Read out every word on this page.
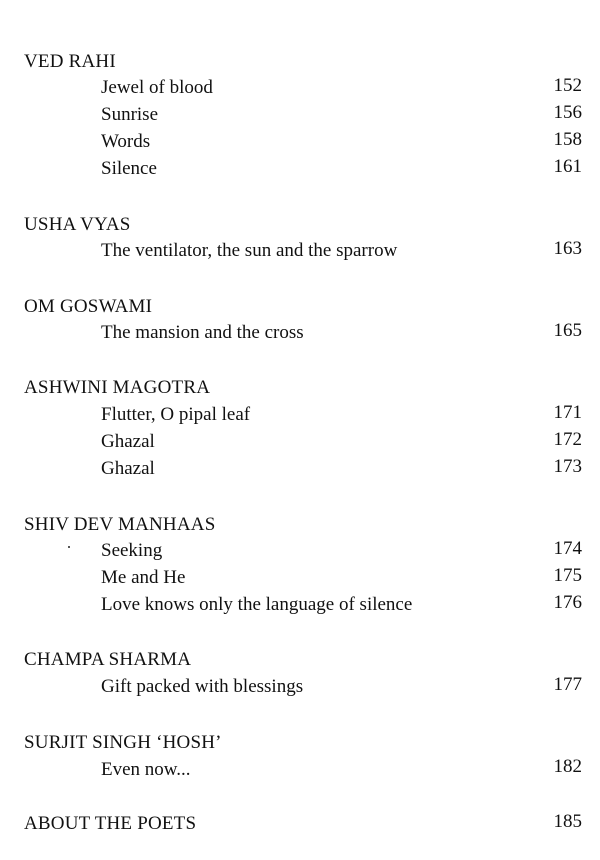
VED RAHI
Jewel of blood	152
Sunrise	156
Words	158
Silence	161
USHA VYAS
The ventilator, the sun and the sparrow	163
OM GOSWAMI
The mansion and the cross	165
ASHWINI MAGOTRA
Flutter, O pipal leaf	171
Ghazal	172
Ghazal	173
SHIV DEV MANHAAS
Seeking	174
Me and He	175
Love knows only the language of silence	176
CHAMPA SHARMA
Gift packed with blessings	177
SURJIT SINGH ‘HOSH’
Even now...	182
ABOUT THE POETS	185
